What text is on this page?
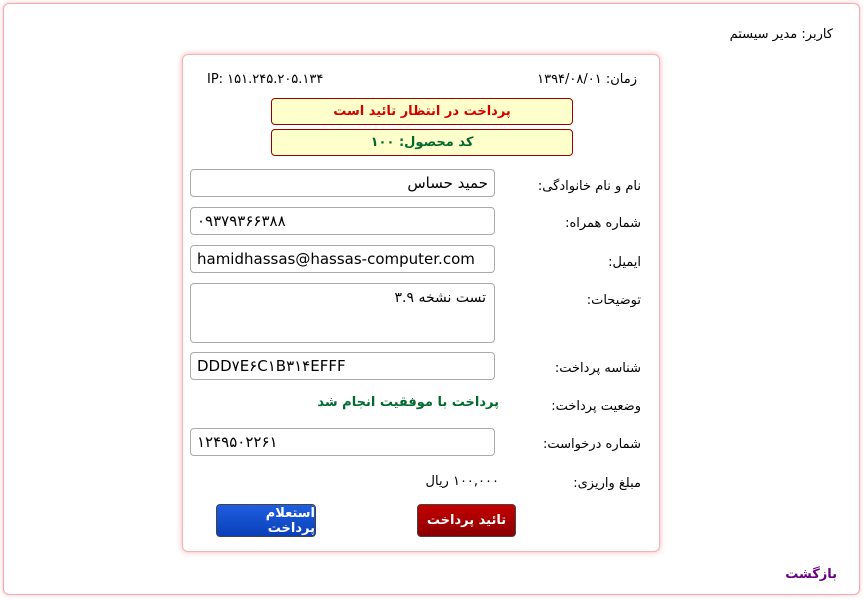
کاربر: مدیر سیستم
IP: ۱۵۱.۲۴۵.۲۰۵.۱۳۴	زمان: ۱۳۹۴/۰۸/۰۱
پرداخت در انتظار تائید است
کد محصول: ۱۰۰
نام و نام خانوادگی:
حمید حساس
شماره همراه:
۰۹۳۷۹۳۶۶۳۸۸
ایمیل:
hamidhassas@hassas-computer.com
توضیحات:
تست نشخه ۳.۹
شناسه پرداخت:
DDD۷E۶C۱B۳۱۴EFFF
وضعیت پرداخت:
پرداخت با موفقیت انجام شد
شماره درخواست:
۱۲۴۹۵۰۲۲۶۱
مبلغ واریزی:
۱۰۰,۰۰۰ ریال
تائید پرداخت
استعلام پرداخت
بازگشت
